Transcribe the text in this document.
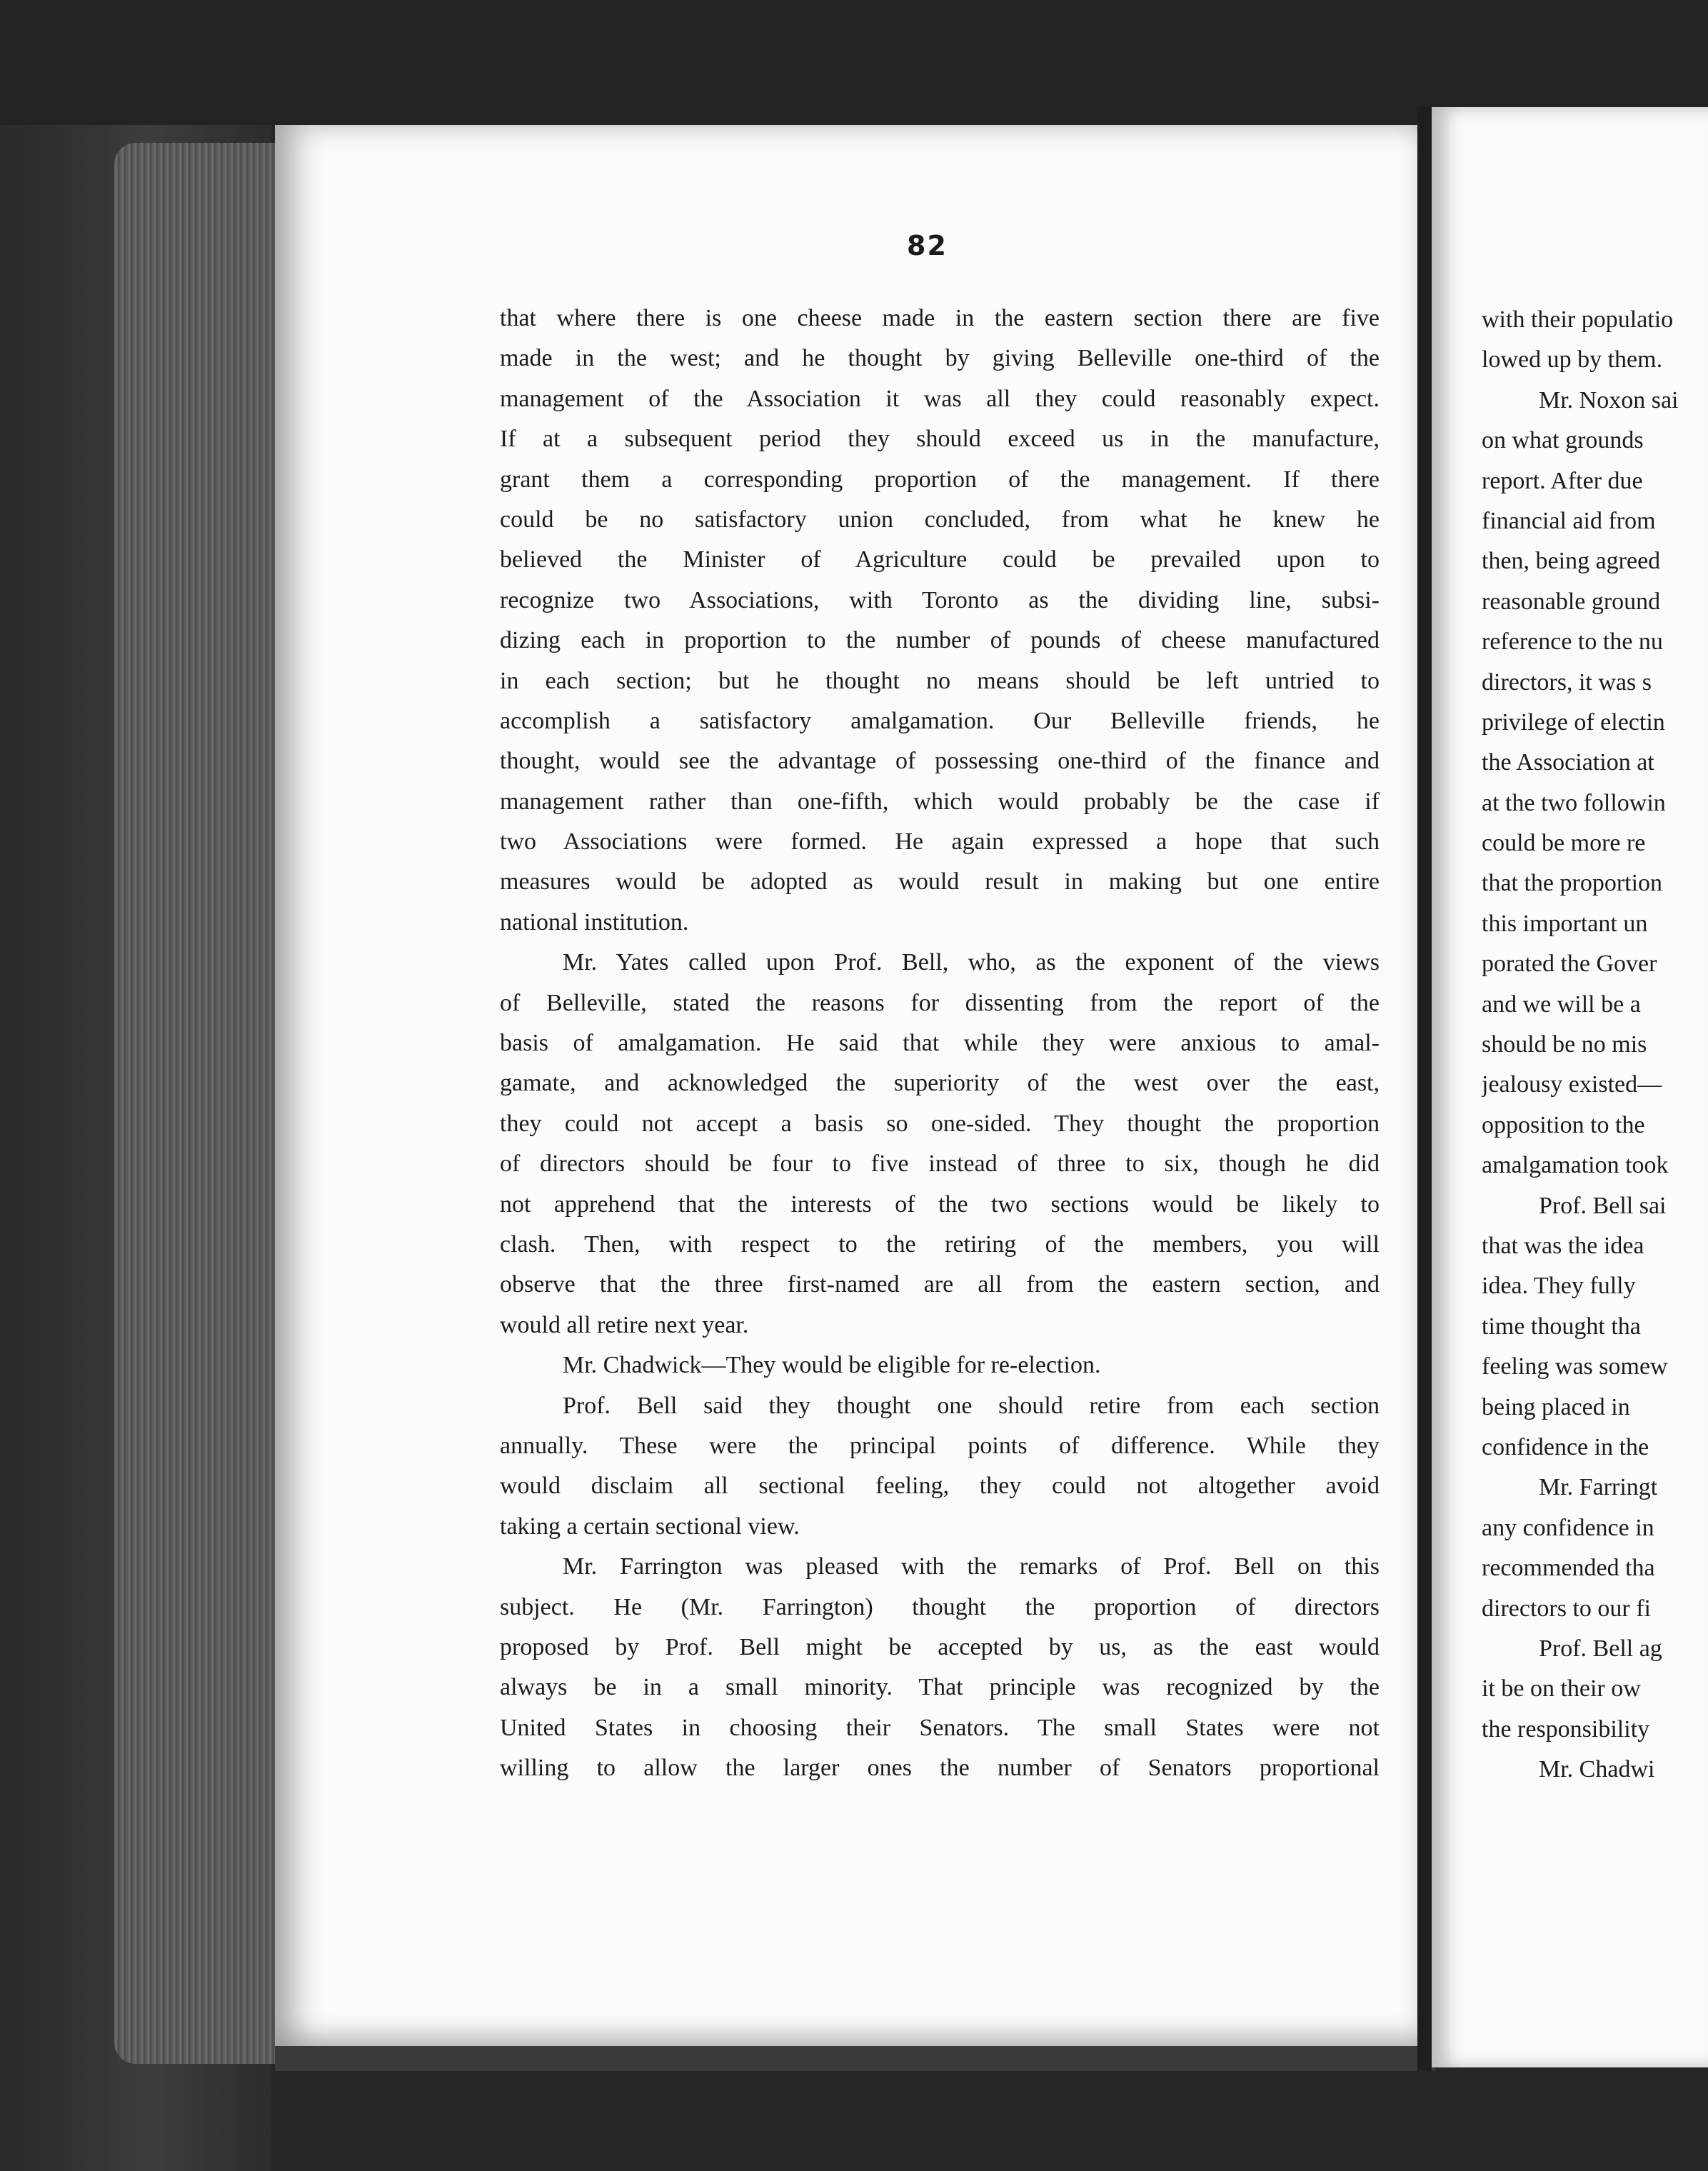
82
that where there is one cheese made in the eastern section there are five
made in the west; and he thought by giving Belleville one-third of the
management of the Association it was all they could reasonably expect.
If at a subsequent period they should exceed us in the manufacture,
grant them a corresponding proportion of the management. If there
could be no satisfactory union concluded, from what he knew he
believed the Minister of Agriculture could be prevailed upon to
recognize two Associations, with Toronto as the dividing line, subsi-
dizing each in proportion to the number of pounds of cheese manufactured
in each section; but he thought no means should be left untried to
accomplish a satisfactory amalgamation. Our Belleville friends, he
thought, would see the advantage of possessing one-third of the finance and
management rather than one-fifth, which would probably be the case if
two Associations were formed. He again expressed a hope that such
measures would be adopted as would result in making but one entire
national institution.
Mr. Yates called upon Prof. Bell, who, as the exponent of the views
of Belleville, stated the reasons for dissenting from the report of the
basis of amalgamation. He said that while they were anxious to amal-
gamate, and acknowledged the superiority of the west over the east,
they could not accept a basis so one-sided. They thought the proportion
of directors should be four to five instead of three to six, though he did
not apprehend that the interests of the two sections would be likely to
clash. Then, with respect to the retiring of the members, you will
observe that the three first-named are all from the eastern section, and
would all retire next year.
Mr. Chadwick—They would be eligible for re-election.
Prof. Bell said they thought one should retire from each section
annually. These were the principal points of difference. While they
would disclaim all sectional feeling, they could not altogether avoid
taking a certain sectional view.
Mr. Farrington was pleased with the remarks of Prof. Bell on this
subject. He (Mr. Farrington) thought the proportion of directors
proposed by Prof. Bell might be accepted by us, as the east would
always be in a small minority. That principle was recognized by the
United States in choosing their Senators. The small States were not
willing to allow the larger ones the number of Senators proportional
with their populatio
lowed up by them.
Mr. Noxon sai
on what grounds
report. After due
financial aid from
then, being agreed
reasonable ground
reference to the nu
directors, it was s
privilege of electin
the Association at
at the two followin
could be more re
that the proportion
this important un
porated the Gover
and we will be a
should be no mis
jealousy existed—
opposition to the
amalgamation took
Prof. Bell sai
that was the idea
idea. They fully
time thought tha
feeling was somew
being placed in
confidence in the
Mr. Farringt
any confidence in
recommended tha
directors to our fi
Prof. Bell ag
it be on their ow
the responsibility
Mr. Chadwi
